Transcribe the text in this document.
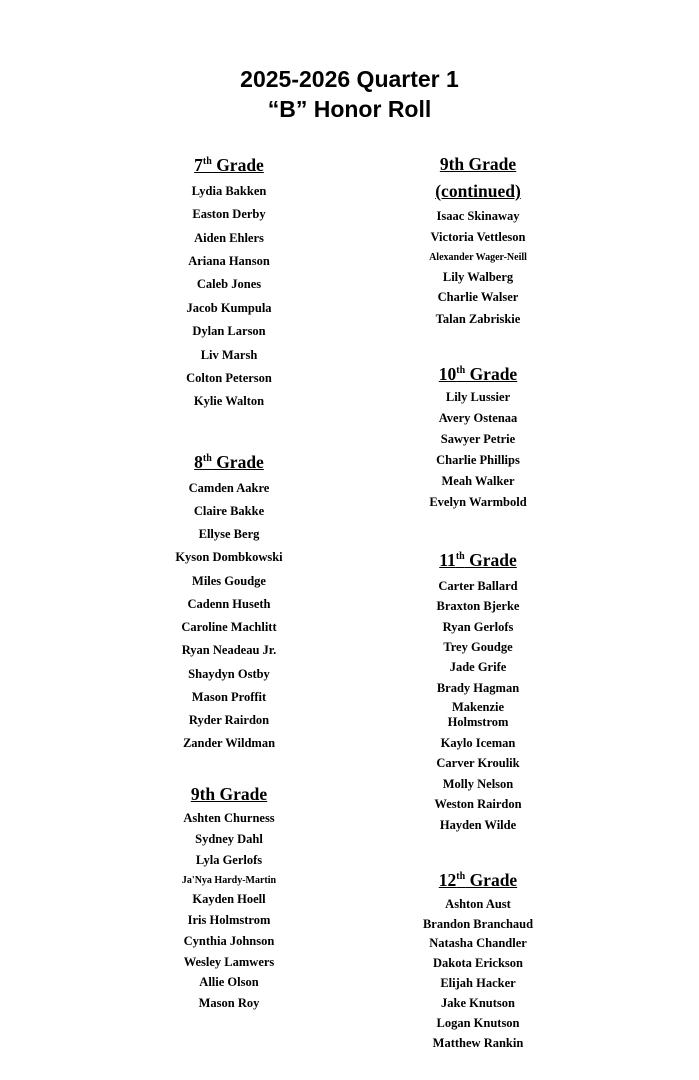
2025-2026 Quarter 1
“B” Honor Roll
7th Grade
Lydia Bakken
Easton Derby
Aiden Ehlers
Ariana Hanson
Caleb Jones
Jacob Kumpula
Dylan Larson
Liv Marsh
Colton Peterson
Kylie Walton
8th Grade
Camden Aakre
Claire Bakke
Ellyse Berg
Kyson Dombkowski
Miles Goudge
Cadenn Huseth
Caroline Machlitt
Ryan Neadeau Jr.
Shaydyn Ostby
Mason Proffit
Ryder Rairdon
Zander Wildman
9th Grade
Ashten Churness
Sydney Dahl
Lyla Gerlofs
Ja'Nya Hardy-Martin
Kayden Hoell
Iris Holmstrom
Cynthia Johnson
Wesley Lamwers
Allie Olson
Mason Roy
9th Grade
(continued)
Isaac Skinaway
Victoria Vettleson
Alexander Wager-Neill
Lily Walberg
Charlie Walser
Talan Zabriskie
10th Grade
Lily Lussier
Avery Ostenaa
Sawyer Petrie
Charlie Phillips
Meah Walker
Evelyn Warmbold
11th Grade
Carter Ballard
Braxton Bjerke
Ryan Gerlofs
Trey Goudge
Jade Grife
Brady Hagman
Makenzie Holmstrom
Kaylo Iceman
Carver Kroulik
Molly Nelson
Weston Rairdon
Hayden Wilde
12th Grade
Ashton Aust
Brandon Branchaud
Natasha Chandler
Dakota Erickson
Elijah Hacker
Jake Knutson
Logan Knutson
Matthew Rankin
